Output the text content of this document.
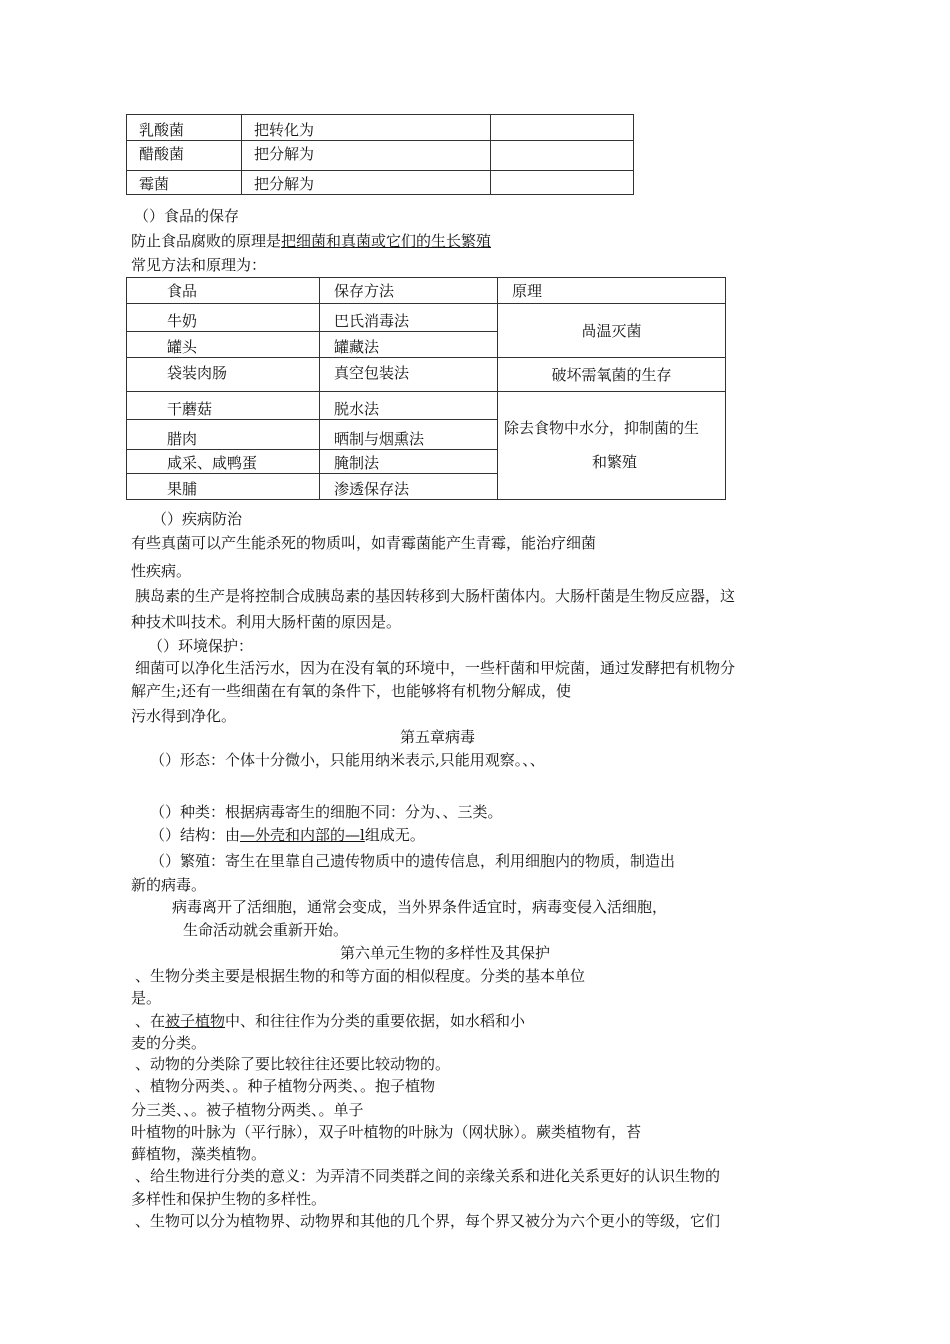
乳酸菌	把转化为	
醋酸菌	把分解为	
霉菌	把分解为	
（）食品的保存
防止食品腐败的原理是把细菌和真菌或它们的生长繁殖
常见方法和原理为：
食品	保存方法	原理
牛奶	巴氏消毒法	咼温灭菌
罐头	罐藏法	
袋装肉肠	真空包装法	破坏需氧菌的生存
干蘑菇	脱水法	除去食物中水分，抑制菌的生
和繁殖

腊肉	晒制与烟熏法	
咸采、咸鸭蛋	腌制法	
果脯	渗透保存法	
（）疾病防治
有些真菌可以产生能杀死的物质叫，如青霉菌能产生青霉，能治疗细菌
性疾病。
胰岛素的生产是将控制合成胰岛素的基因转移到大肠杆菌体内。大肠杆菌是生物反应器，这
种技术叫技术。利用大肠杆菌的原因是。
（）环境保护：
细菌可以净化生活污水，因为在没有氧的环境中，一些杆菌和甲烷菌，通过发酵把有机物分
解产生;还有一些细菌在有氧的条件下，也能够将有机物分解成，使
污水得到净化。
第五章病毒
（）形态：个体十分微小，只能用纳米表示,只能用观察。、、
（）种类：根据病毒寄生的细胞不同：分为、、三类。
（）结构：由—外壳和内部的—l组成无。
（）繁殖：寄生在里靠自己遗传物质中的遗传信息，利用细胞内的物质，制造出
新的病毒。
病毒离开了活细胞，通常会变成，当外界条件适宜时，病毒变侵入活细胞，
生命活动就会重新开始。
第六单元生物的多样性及其保护
、生物分类主要是根据生物的和等方面的相似程度。分类的基本单位
是。
、在被子植物中、和往往作为分类的重要依据，如水稻和小
麦的分类。
、动物的分类除了要比较往往还要比较动物的。
、植物分两类、。种子植物分两类、。抱子植物
分三类、、。被子植物分两类、。单子
叶植物的叶脉为（平行脉），双子叶植物的叶脉为（网状脉）。蕨类植物有，苔
藓植物，藻类植物。
、给生物进行分类的意义：为弄清不同类群之间的亲缘关系和进化关系更好的认识生物的
多样性和保护生物的多样性。
、生物可以分为植物界、动物界和其他的几个界，每个界又被分为六个更小的等级，它们
